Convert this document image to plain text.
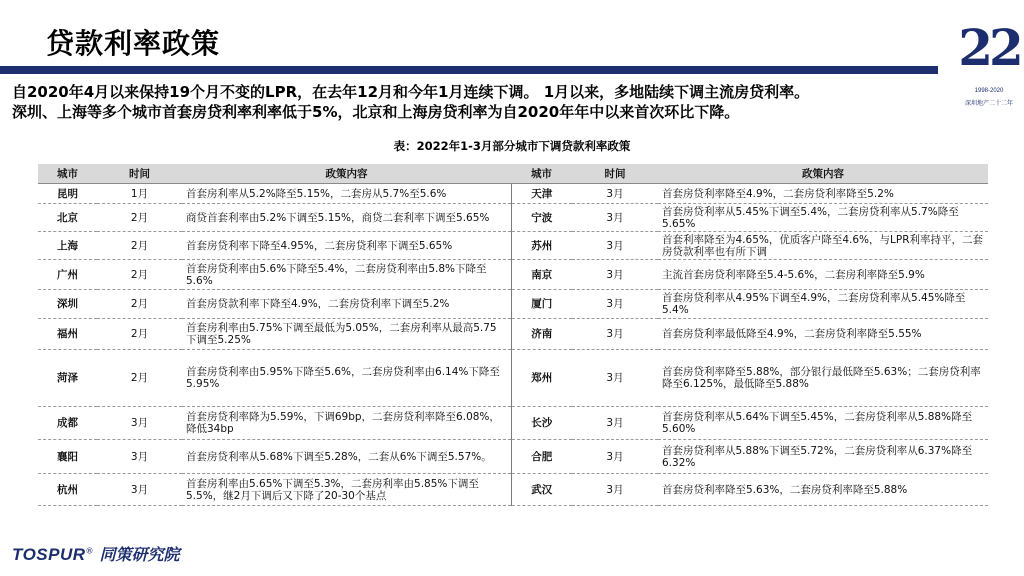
贷款利率政策	22
1998-2020
深圳地产二十二年
自2020年4月以来保持19个月不变的LPR，在去年12月和今年1月连续下调。 1月以来，多地陆续下调主流房贷利率。
深圳、上海等多个城市首套房贷利率利率低于5%，北京和上海房贷利率为自2020年年中以来首次环比下降。
表：2022年1-3月部分城市下调贷款利率政策
城市	时间	政策内容	城市	时间	政策内容
昆明	1月	首套房利率从5.2%降至5.15%，二套房从5.7%至5.6%	天津	3月	首套房贷利率降至4.9%，二套房贷利率降至5.2%
北京	2月	商贷首套利率由5.2%下调至5.15%，商贷二套利率下调至5.65%	宁波	3月	首套房贷利率从5.45%下调至5.4%，二套房贷利率从5.7%降至5.65%
上海	2月	首套房贷利率下降至4.95%，二套房贷利率下调至5.65%	苏州	3月	首套利率降至为4.65%，优质客户降至4.6%，与LPR利率持平，二套房贷款利率也有所下调
广州	2月	首套房贷利率由5.6%下降至5.4%，二套房贷利率由5.8%下降至5.6%	南京	3月	主流首套房贷利率降至5.4-5.6%，二套房利率降至5.9%
深圳	2月	首套房贷款利率下降至4.9%，二套房贷利率下调至5.2%	厦门	3月	首套房贷利率从4.95%下调至4.9%，二套房贷利率从5.45%降至5.4%
福州	2月	首套房利率由5.75%下调至最低为5.05%，二套房利率从最高5.75下调至5.25%	济南	3月	首套房贷利率最低降至4.9%，二套房贷利率降至5.55%
菏泽	2月	首套房贷利率由5.95%下降至5.6%，二套房贷利率由6.14%下降至5.95%	郑州	3月	首套房贷利率降至5.88%，部分银行最低降至5.63%；二套房贷利率降至6.125%，最低降至5.88%
成都	3月	首套房贷利率降为5.59%，下调69bp，二套房贷利率降至6.08%，降低34bp	长沙	3月	首套房贷利率从5.64%下调至5.45%，二套房贷利率从5.88%降至5.60%
襄阳	3月	首套房贷利率从5.68%下调至5.28%，二套从6%下调至5.57%。	合肥	3月	首套房贷利率从5.88%下调至5.72%，二套房贷利率从6.37%降至6.32%
杭州	3月	首套房利率由5.65%下调至5.3%，二套房利率由5.85%下调至5.5%，继2月下调后又下降了20-30个基点	武汉	3月	首套房贷利率降至5.63%，二套房贷利率降至5.88%
TOSPUR® 同策研究院
